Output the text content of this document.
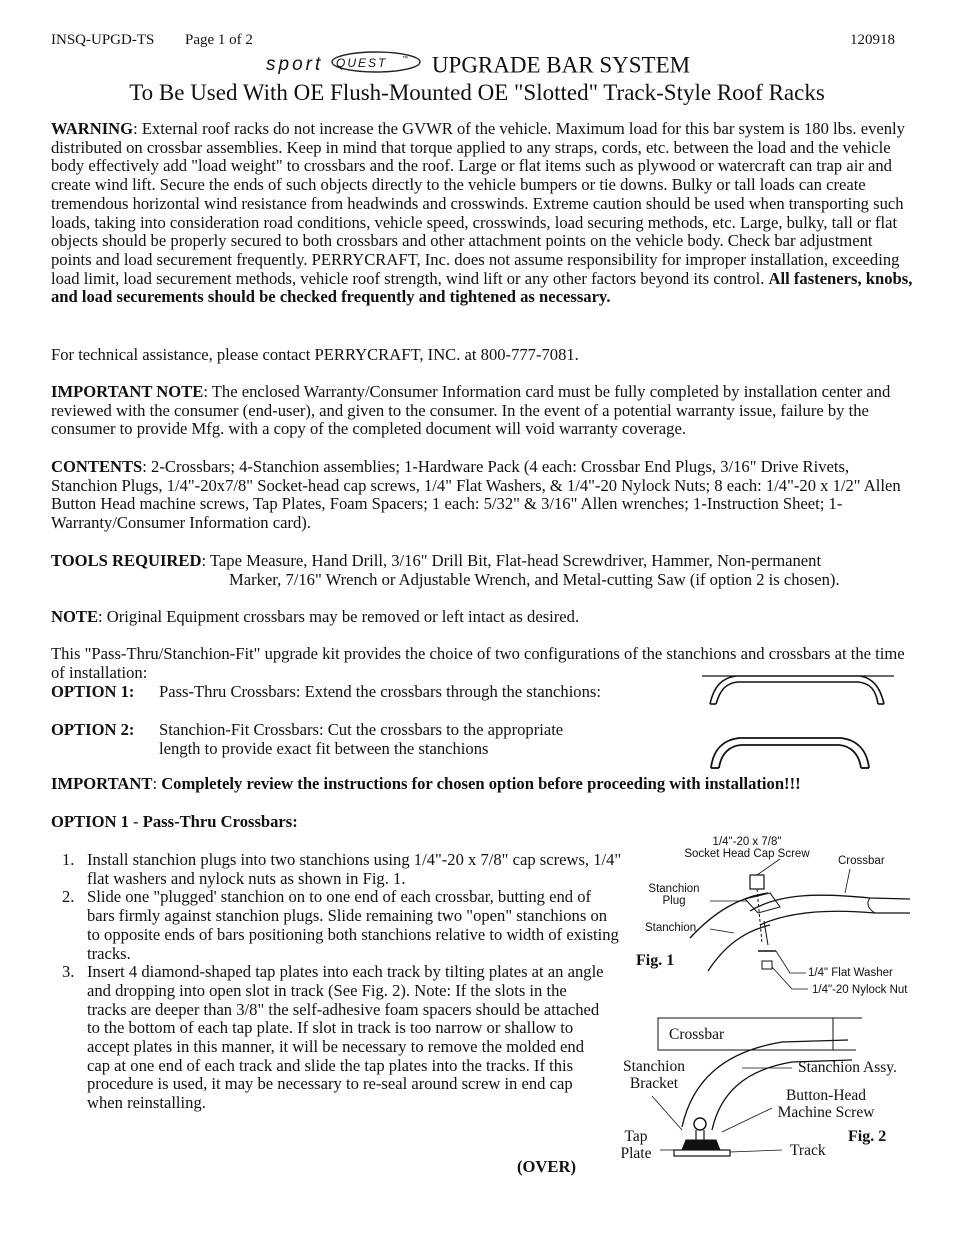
INSQ-UPGD-TS Page 1 of 2	120918
sport QUEST ™ UPGRADE BAR SYSTEM
To Be Used With OE Flush-Mounted OE "Slotted" Track-Style Roof Racks
WARNING: External roof racks do not increase the GVWR of the vehicle. Maximum load for this bar system is 180 lbs. evenly distributed on crossbar assemblies. Keep in mind that torque applied to any straps, cords, etc. between the load and the vehicle body effectively add "load weight" to crossbars and the roof. Large or flat items such as plywood or watercraft can trap air and create wind lift. Secure the ends of such objects directly to the vehicle bumpers or tie downs. Bulky or tall loads can create tremendous horizontal wind resistance from headwinds and crosswinds. Extreme caution should be used when transporting such loads, taking into consideration road conditions, vehicle speed, crosswinds, load securing methods, etc. Large, bulky, tall or flat objects should be properly secured to both crossbars and other attachment points on the vehicle body. Check bar adjustment points and load securement frequently. PERRYCRAFT, Inc. does not assume responsibility for improper installation, exceeding load limit, load securement methods, vehicle roof strength, wind lift or any other factors beyond its control. All fasteners, knobs, and load securements should be checked frequently and tightened as necessary.
For technical assistance, please contact PERRYCRAFT, INC. at 800-777-7081.
IMPORTANT NOTE: The enclosed Warranty/Consumer Information card must be fully completed by installation center and reviewed with the consumer (end-user), and given to the consumer. In the event of a potential warranty issue, failure by the consumer to provide Mfg. with a copy of the completed document will void warranty coverage.
CONTENTS: 2-Crossbars; 4-Stanchion assemblies; 1-Hardware Pack (4 each: Crossbar End Plugs, 3/16" Drive Rivets, Stanchion Plugs, 1/4"-20x7/8" Socket-head cap screws, 1/4" Flat Washers, & 1/4"-20 Nylock Nuts; 8 each: 1/4"-20 x 1/2" Allen Button Head machine screws, Tap Plates, Foam Spacers; 1 each: 5/32" & 3/16" Allen wrenches; 1-Instruction Sheet; 1-Warranty/Consumer Information card).
TOOLS REQUIRED: Tape Measure, Hand Drill, 3/16" Drill Bit, Flat-head Screwdriver, Hammer, Non-permanent
Marker, 7/16" Wrench or Adjustable Wrench, and Metal-cutting Saw (if option 2 is chosen).
NOTE: Original Equipment crossbars may be removed or left intact as desired.
This "Pass-Thru/Stanchion-Fit" upgrade kit provides the choice of two configurations of the stanchions and crossbars at the time of installation:
OPTION 1: Pass-Thru Crossbars: Extend the crossbars through the stanchions:
OPTION 2: Stanchion-Fit Crossbars: Cut the crossbars to the appropriate
length to provide exact fit between the stanchions
IMPORTANT: Completely review the instructions for chosen option before proceeding with installation!!!
OPTION 1 - Pass-Thru Crossbars:
1. Install stanchion plugs into two stanchions using 1/4"-20 x 7/8" cap screws, 1/4" flat washers and nylock nuts as shown in Fig. 1.
2. Slide one "plugged' stanchion on to one end of each crossbar, butting end of bars firmly against stanchion plugs. Slide remaining two "open" stanchions on to opposite ends of bars positioning both stanchions relative to width of existing tracks.
3. Insert 4 diamond-shaped tap plates into each track by tilting plates at an angle and dropping into open slot in track (See Fig. 2). Note: If the slots in the tracks are deeper than 3/8" the self-adhesive foam spacers should be attached to the bottom of each tap plate. If slot in track is too narrow or shallow to accept plates in this manner, it will be necessary to remove the molded end cap at one end of each track and slide the tap plates into the tracks. If this procedure is used, it may be necessary to re-seal around screw in end cap when reinstalling.
(OVER)
1/4"-20 x 7/8"
Socket Head Cap Screw
Crossbar
Stanchion
Plug
Stanchion
Fig. 1
1/4" Flat Washer
1/4"-20 Nylock Nut
Crossbar
Stanchion
Bracket
Stanchion Assy.
Button-Head
Machine Screw
Fig. 2
Tap
Plate	Track
